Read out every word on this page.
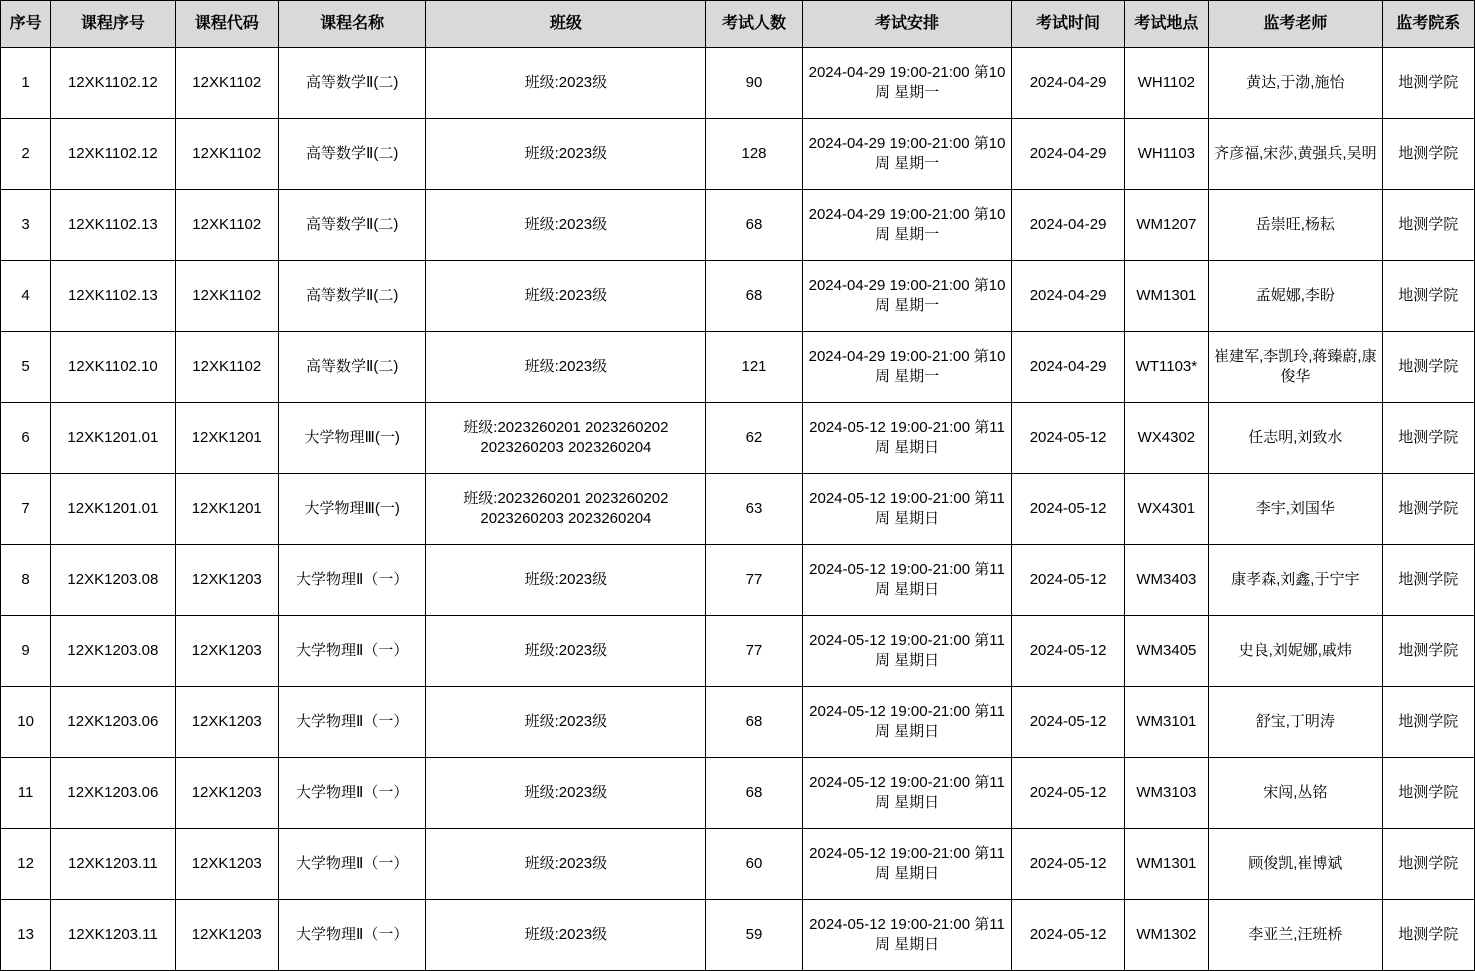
序号	课程序号	课程代码	课程名称	班级	考试人数	考试安排	考试时间	考试地点	监考老师	监考院系
1	12XK1102.12	12XK1102	高等数学Ⅱ(二)	班级:2023级	90	2024-04-29 19:00-21:00 第10周 星期一	2024-04-29	WH1102	黄达,于渤,施怡	地测学院
2	12XK1102.12	12XK1102	高等数学Ⅱ(二)	班级:2023级	128	2024-04-29 19:00-21:00 第10周 星期一	2024-04-29	WH1103	齐彦福,宋莎,黄强兵,吴明	地测学院
3	12XK1102.13	12XK1102	高等数学Ⅱ(二)	班级:2023级	68	2024-04-29 19:00-21:00 第10周 星期一	2024-04-29	WM1207	岳崇旺,杨耘	地测学院
4	12XK1102.13	12XK1102	高等数学Ⅱ(二)	班级:2023级	68	2024-04-29 19:00-21:00 第10周 星期一	2024-04-29	WM1301	孟妮娜,李盼	地测学院
5	12XK1102.10	12XK1102	高等数学Ⅱ(二)	班级:2023级	121	2024-04-29 19:00-21:00 第10周 星期一	2024-04-29	WT1103*	崔建军,李凯玲,蒋臻蔚,康俊华	地测学院
6	12XK1201.01	12XK1201	大学物理Ⅲ(一)	班级:2023260201 2023260202 2023260203 2023260204	62	2024-05-12 19:00-21:00 第11周 星期日	2024-05-12	WX4302	任志明,刘致水	地测学院
7	12XK1201.01	12XK1201	大学物理Ⅲ(一)	班级:2023260201 2023260202 2023260203 2023260204	63	2024-05-12 19:00-21:00 第11周 星期日	2024-05-12	WX4301	李宇,刘国华	地测学院
8	12XK1203.08	12XK1203	大学物理Ⅱ（一）	班级:2023级	77	2024-05-12 19:00-21:00 第11周 星期日	2024-05-12	WM3403	康孝森,刘鑫,于宁宇	地测学院
9	12XK1203.08	12XK1203	大学物理Ⅱ（一）	班级:2023级	77	2024-05-12 19:00-21:00 第11周 星期日	2024-05-12	WM3405	史良,刘妮娜,戚炜	地测学院
10	12XK1203.06	12XK1203	大学物理Ⅱ（一）	班级:2023级	68	2024-05-12 19:00-21:00 第11周 星期日	2024-05-12	WM3101	舒宝,丁明涛	地测学院
11	12XK1203.06	12XK1203	大学物理Ⅱ（一）	班级:2023级	68	2024-05-12 19:00-21:00 第11周 星期日	2024-05-12	WM3103	宋闯,丛铭	地测学院
12	12XK1203.11	12XK1203	大学物理Ⅱ（一）	班级:2023级	60	2024-05-12 19:00-21:00 第11周 星期日	2024-05-12	WM1301	顾俊凯,崔博斌	地测学院
13	12XK1203.11	12XK1203	大学物理Ⅱ（一）	班级:2023级	59	2024-05-12 19:00-21:00 第11周 星期日	2024-05-12	WM1302	李亚兰,汪班桥	地测学院
